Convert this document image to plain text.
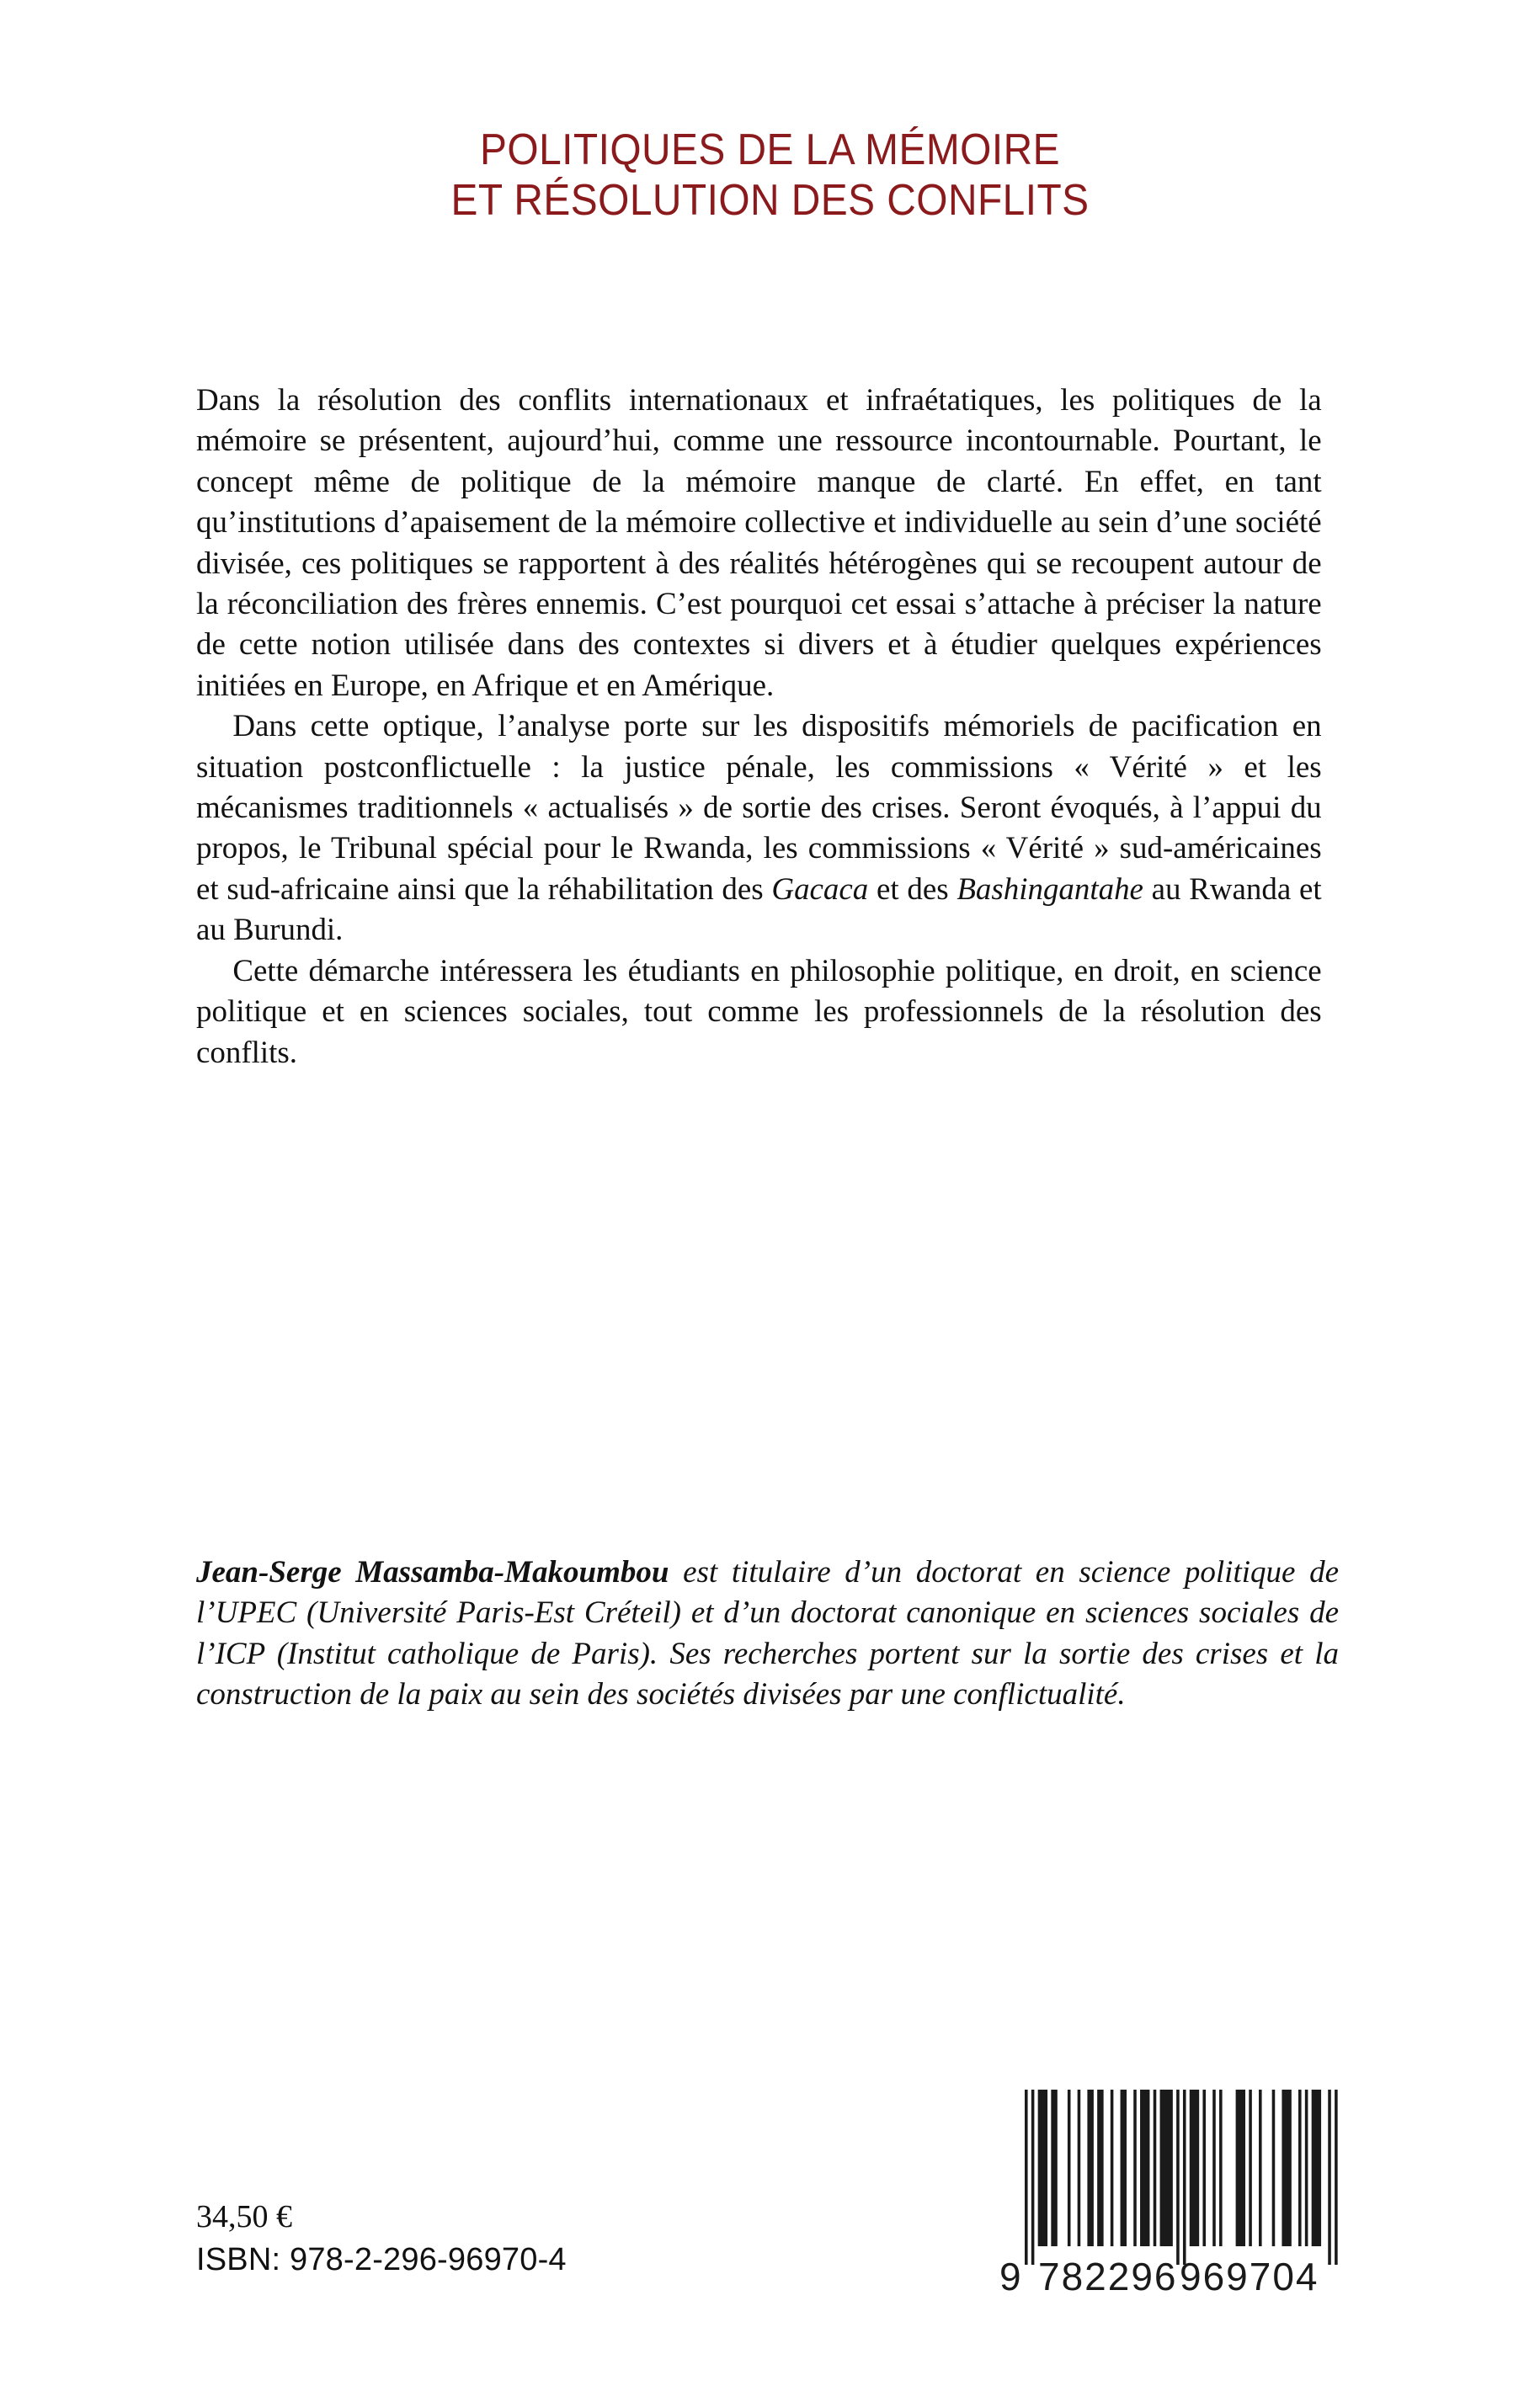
POLITIQUES DE LA MÉMOIRE
ET RÉSOLUTION DES CONFLITS

Dans la résolution des conflits internationaux et infraétatiques, les politiques de la mémoire se présentent, aujourd’hui, comme une ressource incontournable. Pourtant, le concept même de politique de la mémoire manque de clarté. En effet, en tant qu’institutions d’apaisement de la mémoire collective et individuelle au sein d’une société divisée, ces politiques se rapportent à des réalités hétérogènes qui se recoupent autour de la réconciliation des frères ennemis. C’est pourquoi cet essai s’attache à préciser la nature de cette notion utilisée dans des contextes si divers et à étudier quelques expériences initiées en Europe, en Afrique et en Amérique.

Dans cette optique, l’analyse porte sur les dispositifs mémoriels de pacification en situation postconflictuelle : la justice pénale, les commissions « Vérité » et les mécanismes traditionnels « actualisés » de sortie des crises. Seront évoqués, à l’appui du propos, le Tribunal spécial pour le Rwanda, les commissions « Vérité » sud-américaines et sud-africaine ainsi que la réhabilitation des Gacaca et des Bashingantahe au Rwanda et au Burundi.

Cette démarche intéressera les étudiants en philosophie politique, en droit, en science politique et en sciences sociales, tout comme les professionnels de la résolution des conflits.

Jean-Serge Massamba-Makoumbou est titulaire d’un doctorat en science politique de l’UPEC (Université Paris-Est Créteil) et d’un doctorat canonique en sciences sociales de l’ICP (Institut catholique de Paris). Ses recherches portent sur la sortie des crises et la construction de la paix au sein des sociétés divisées par une conflictualité.

34,50 €
ISBN: 978-2-296-96970-4	9 782296 969704
